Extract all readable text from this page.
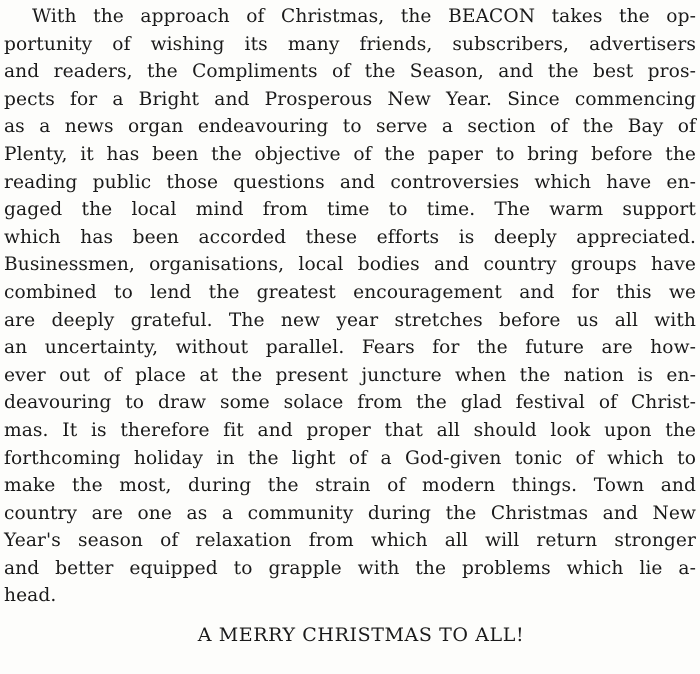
With the approach of Christmas, the BEACON takes the op-
portunity of wishing its many friends, subscribers, advertisers
and readers, the Compliments of the Season, and the best pros-
pects for a Bright and Prosperous New Year. Since commencing
as a news organ endeavouring to serve a section of the Bay of
Plenty, it has been the objective of the paper to bring before the
reading public those questions and controversies which have en-
gaged the local mind from time to time. The warm support
which has been accorded these efforts is deeply appreciated.
Businessmen, organisations, local bodies and country groups have
combined to lend the greatest encouragement and for this we
are deeply grateful. The new year stretches before us all with
an uncertainty, without parallel. Fears for the future are how-
ever out of place at the present juncture when the nation is en-
deavouring to draw some solace from the glad festival of Christ-
mas. It is therefore fit and proper that all should look upon the
forthcoming holiday in the light of a God-given tonic of which to
make the most, during the strain of modern things. Town and
country are one as a community during the Christmas and New
Year's season of relaxation from which all will return stronger
and better equipped to grapple with the problems which lie a-
head.
A MERRY CHRISTMAS TO ALL!
